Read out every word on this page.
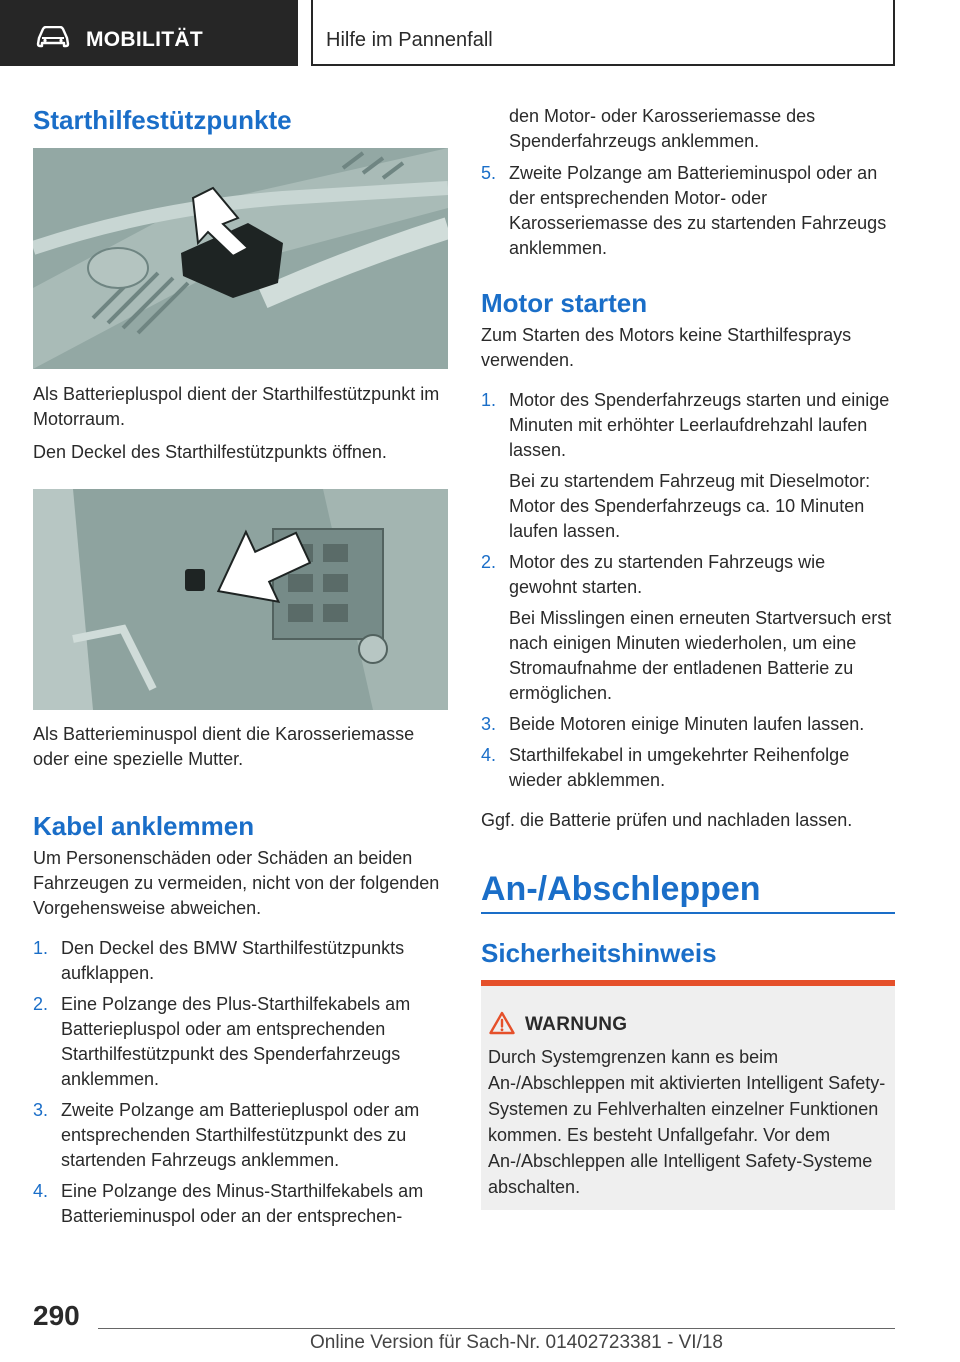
MOBILITÄT	Hilfe im Pannenfall
Starthilfestützpunkte

Als Batteriepluspol dient der Starthilfestützpunkt im Motorraum.

Den Deckel des Starthilfestützpunkts öffnen.

Als Batterieminuspol dient die Karosseriemasse oder eine spezielle Mutter.

Kabel anklemmen

Um Personenschäden oder Schäden an beiden Fahrzeugen zu vermeiden, nicht von der folgenden Vorgehensweise abweichen.

1. Den Deckel des BMW Starthilfestützpunkts aufklappen.
2. Eine Polzange des Plus-Starthilfekabels am Batteriepluspol oder am entsprechenden Starthilfestützpunkt des Spenderfahrzeugs anklemmen.
3. Zweite Polzange am Batteriepluspol oder am entsprechenden Starthilfestützpunkt des zu startenden Fahrzeugs anklemmen.
4. Eine Polzange des Minus-Starthilfekabels am Batterieminuspol oder an der entsprechen-

den Motor- oder Karosseriemasse des Spenderfahrzeugs anklemmen.

5. Zweite Polzange am Batterieminuspol oder an der entsprechenden Motor- oder Karosseriemasse des zu startenden Fahrzeugs anklemmen.
Motor starten

Zum Starten des Motors keine Starthilfesprays verwenden.

1. Motor des Spenderfahrzeugs starten und einige Minuten mit erhöhter Leerlaufdrehzahl laufen lassen.
Bei zu startendem Fahrzeug mit Dieselmotor: Motor des Spenderfahrzeugs ca. 10 Minuten laufen lassen.
2. Motor des zu startenden Fahrzeugs wie gewohnt starten.
Bei Misslingen einen erneuten Startversuch erst nach einigen Minuten wiederholen, um eine Stromaufnahme der entladenen Batterie zu ermöglichen.
3. Beide Motoren einige Minuten laufen lassen.
4. Starthilfekabel in umgekehrter Reihenfolge wieder abklemmen.

Ggf. die Batterie prüfen und nachladen lassen.

An-/Abschleppen
Sicherheitshinweis
WARNUNG

Durch Systemgrenzen kann es beim An-/Abschleppen mit aktivierten Intelligent Safety-Systemen zu Fehlverhalten einzelner Funktionen kommen. Es besteht Unfallgefahr. Vor dem An-/Abschleppen alle Intelligent Safety-Systeme abschalten.

290
Online Version für Sach-Nr. 01402723381 - VI/18
